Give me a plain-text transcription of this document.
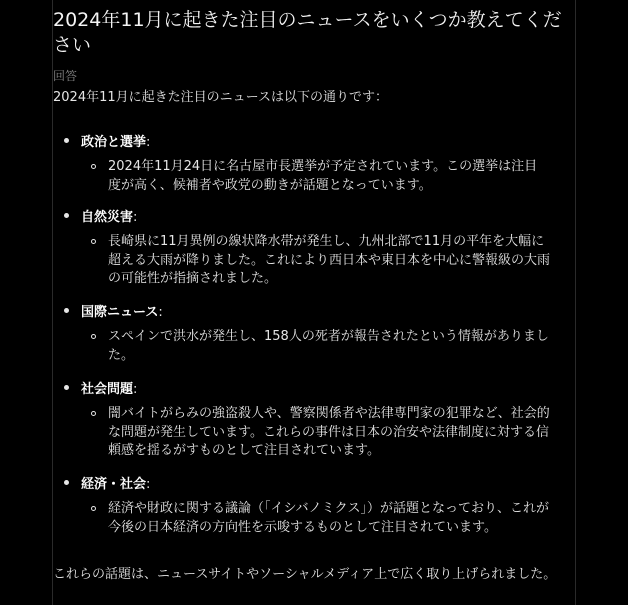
2024年11月に起きた注目のニュースをいくつか教えてください
回答
2024年11月に起きた注目のニュースは以下の通りです：
政治と選挙:
2024年11月24日に名古屋市長選挙が予定されています。この選挙は注目度が高く、候補者や政党の動きが話題となっています。
自然災害:
長崎県に11月異例の線状降水帯が発生し、九州北部で11月の平年を大幅に超える大雨が降りました。これにより西日本や東日本を中心に警報級の大雨の可能性が指摘されました。
国際ニュース:
スペインで洪水が発生し、158人の死者が報告されたという情報がありました。
社会問題:
闇バイトがらみの強盗殺人や、警察関係者や法律専門家の犯罪など、社会的な問題が発生しています。これらの事件は日本の治安や法律制度に対する信頼感を揺るがすものとして注目されています。
経済・社会:
経済や財政に関する議論（「イシバノミクス」）が話題となっており、これが今後の日本経済の方向性を示唆するものとして注目されています。
これらの話題は、ニュースサイトやソーシャルメディア上で広く取り上げられました。
